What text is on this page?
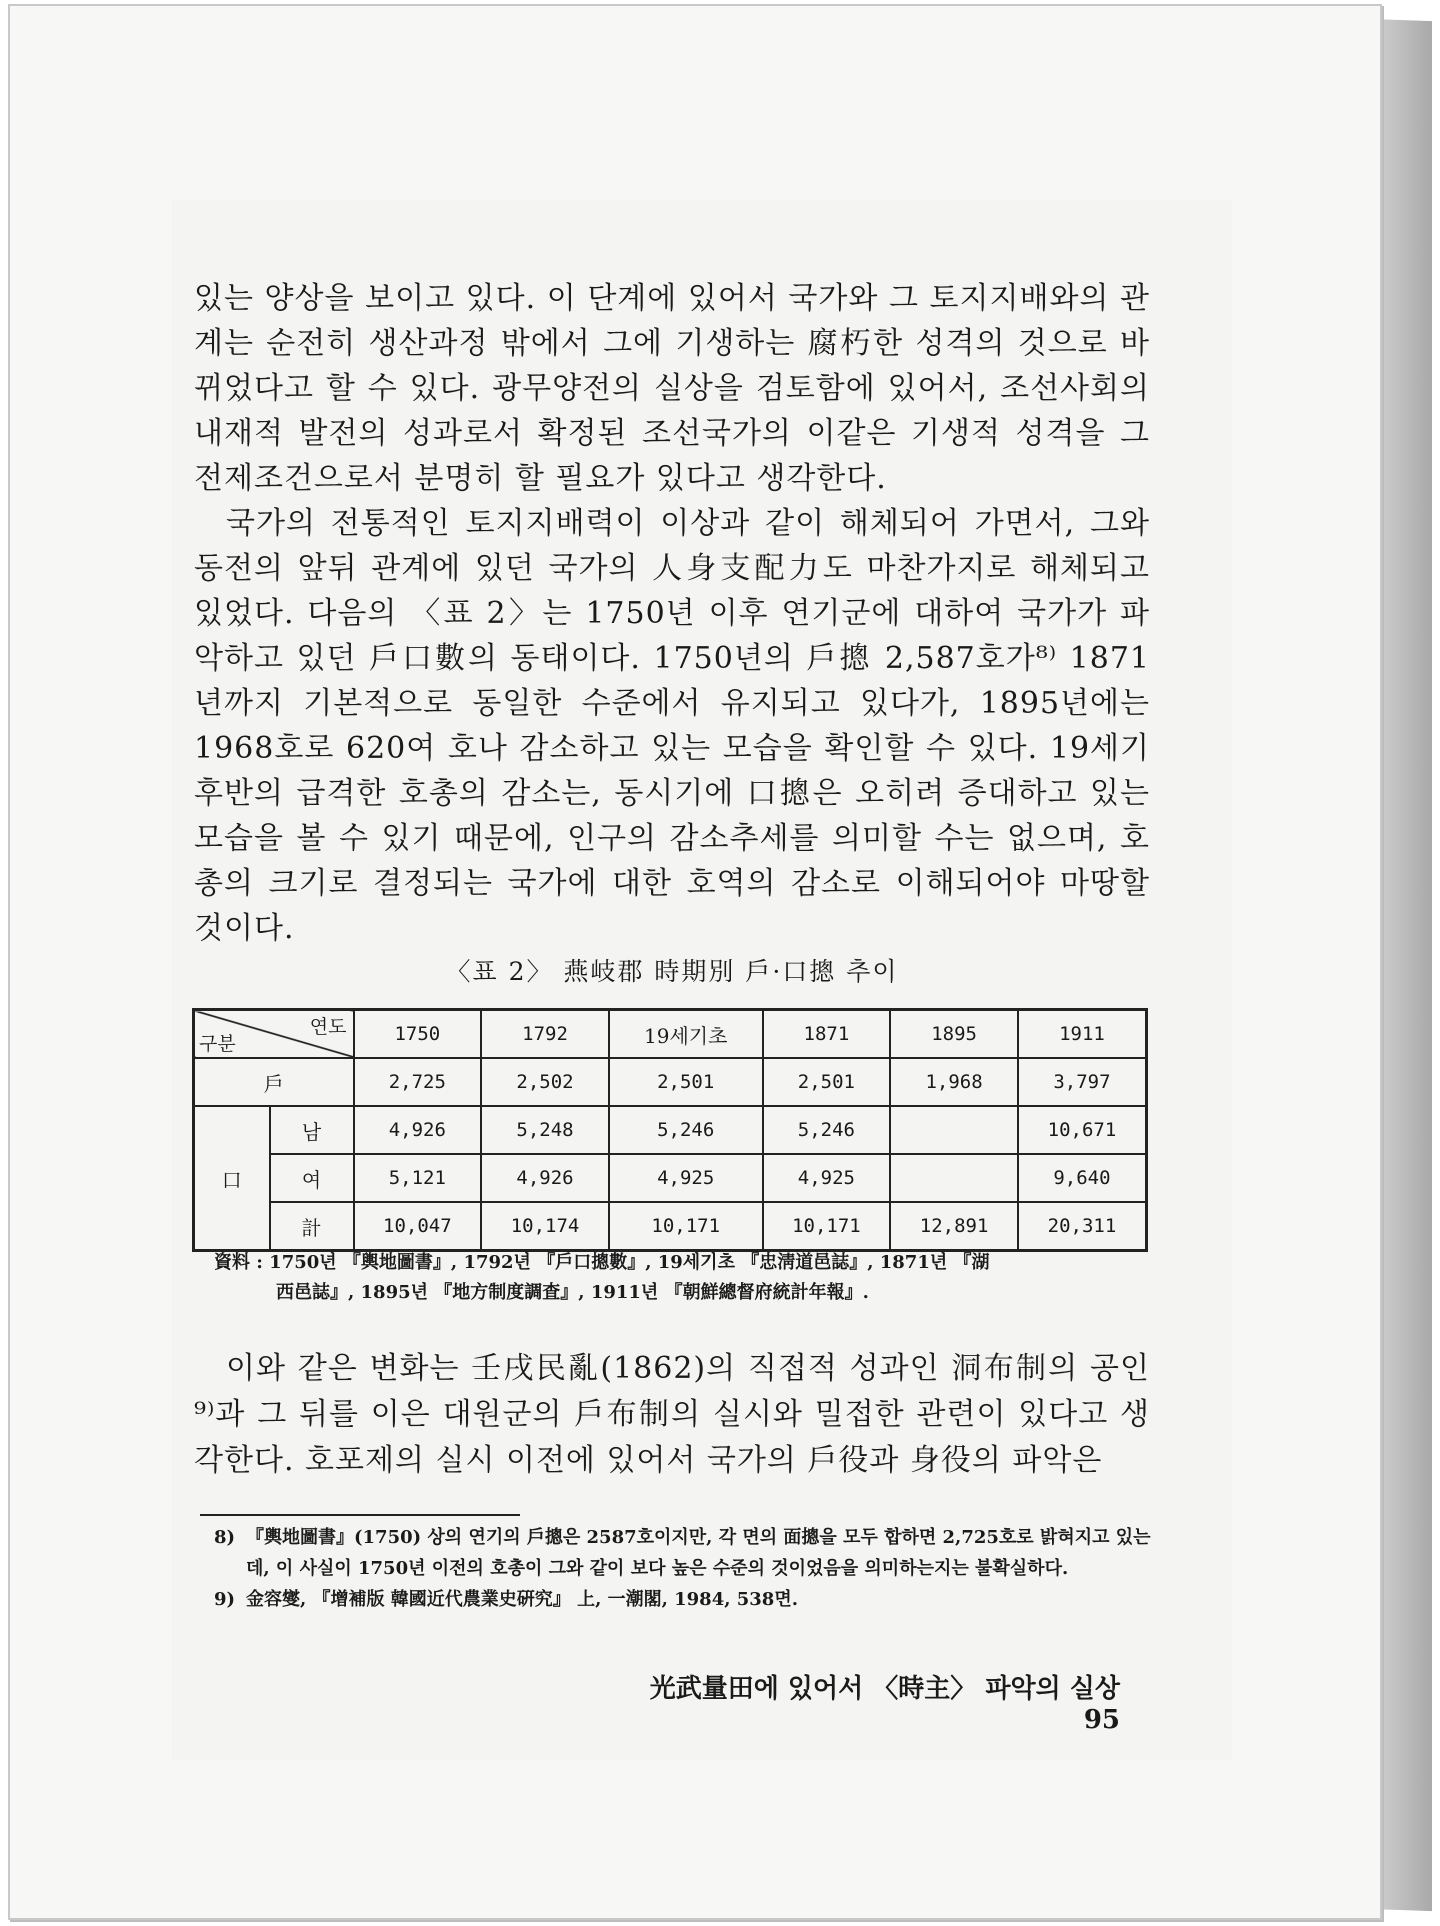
있는 양상을 보이고 있다. 이 단계에 있어서 국가와 그 토지지배와의 관계는 순전히 생산과정 밖에서 그에 기생하는 腐朽한 성격의 것으로 바뀌었다고 할 수 있다. 광무양전의 실상을 검토함에 있어서, 조선사회의 내재적 발전의 성과로서 확정된 조선국가의 이같은 기생적 성격을 그 전제조건으로서 분명히 할 필요가 있다고 생각한다.

국가의 전통적인 토지지배력이 이상과 같이 해체되어 가면서, 그와 동전의 앞뒤 관계에 있던 국가의 人身支配力도 마찬가지로 해체되고 있었다. 다음의 〈표 2〉는 1750년 이후 연기군에 대하여 국가가 파악하고 있던 戶口數의 동태이다. 1750년의 戶摠 2,587호가⁸⁾ 1871년까지 기본적으로 동일한 수준에서 유지되고 있다가, 1895년에는 1968호로 620여 호나 감소하고 있는 모습을 확인할 수 있다. 19세기 후반의 급격한 호총의 감소는, 동시기에 口摠은 오히려 증대하고 있는 모습을 볼 수 있기 때문에, 인구의 감소추세를 의미할 수는 없으며, 호총의 크기로 결정되는 국가에 대한 호역의 감소로 이해되어야 마땅할 것이다.

〈표 2〉 燕岐郡 時期別 戶·口摠 추이
연도
구분		1750	1792	19세기초	1871	1895	1911
戶		2,725	2,502	2,501	2,501	1,968	3,797
口	남	4,926	5,248	5,246	5,246		10,671
	여	5,121	4,926	4,925	4,925		9,640
	計	10,047	10,174	10,171	10,171	12,891	20,311
資料 : 1750년 『輿地圖書』, 1792년 『戶口摠數』, 19세기초 『忠淸道邑誌』, 1871년 『湖
西邑誌』, 1895년 『地方制度調査』, 1911년 『朝鮮總督府統計年報』.

이와 같은 변화는 壬戌民亂(1862)의 직접적 성과인 洞布制의 공인⁹⁾과 그 뒤를 이은 대원군의 戶布制의 실시와 밀접한 관련이 있다고 생각한다. 호포제의 실시 이전에 있어서 국가의 戶役과 身役의 파악은

8) 『輿地圖書』(1750) 상의 연기의 戶摠은 2587호이지만, 각 면의 面摠을 모두 합하면 2,725호로 밝혀지고 있는데, 이 사실이 1750년 이전의 호총이 그와 같이 보다 높은 수준의 것이었음을 의미하는지는 불확실하다.
9) 金容燮, 『增補版 韓國近代農業史硏究』 上, 一潮閣, 1984, 538면.
光武量田에 있어서 〈時主〉 파악의 실상95
